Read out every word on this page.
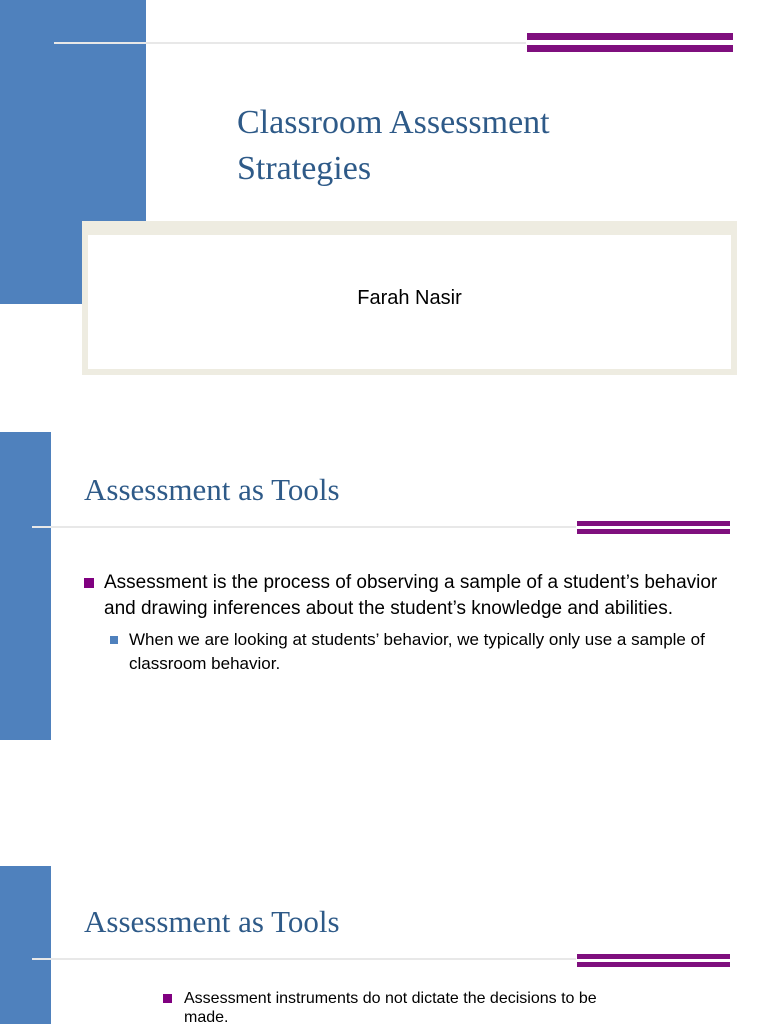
Classroom Assessment
Strategies
Farah Nasir
Assessment as Tools
Assessment is the process of observing a sample of a student’s behavior and drawing inferences about the student’s knowledge and abilities.
When we are looking at students’ behavior, we typically only use a sample of classroom behavior.
Assessment as Tools
Assessment instruments do not dictate the decisions to be made.
